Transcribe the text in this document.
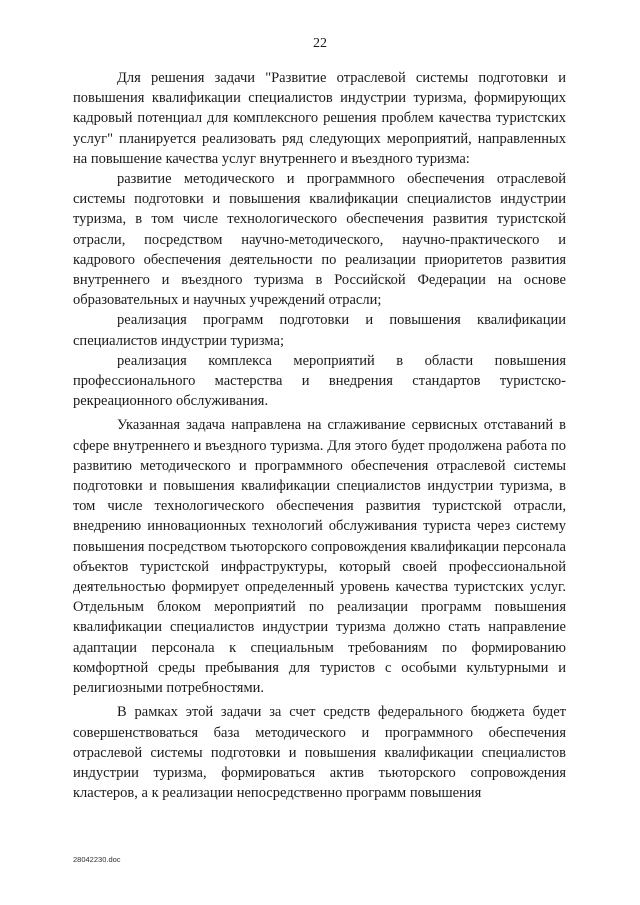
22

Для решения задачи "Развитие отраслевой системы подготовки и повышения квалификации специалистов индустрии туризма, формирующих кадровый потенциал для комплексного решения проблем качества туристских услуг" планируется реализовать ряд следующих мероприятий, направленных на повышение качества услуг внутреннего и въездного туризма:

развитие методического и программного обеспечения отраслевой системы подготовки и повышения квалификации специалистов индустрии туризма, в том числе технологического обеспечения развития туристской отрасли, посредством научно-методического, научно-практического и кадрового обеспечения деятельности по реализации приоритетов развития внутреннего и въездного туризма в Российской Федерации на основе образовательных и научных учреждений отрасли;

реализация программ подготовки и повышения квалификации специалистов индустрии туризма;

реализация комплекса мероприятий в области повышения профессионального мастерства и внедрения стандартов туристско-рекреационного обслуживания.

Указанная задача направлена на сглаживание сервисных отставаний в сфере внутреннего и въездного туризма. Для этого будет продолжена работа по развитию методического и программного обеспечения отраслевой системы подготовки и повышения квалификации специалистов индустрии туризма, в том числе технологического обеспечения развития туристской отрасли, внедрению инновационных технологий обслуживания туриста через систему повышения посредством тьюторского сопровождения квалификации персонала объектов туристской инфраструктуры, который своей профессиональной деятельностью формирует определенный уровень качества туристских услуг. Отдельным блоком мероприятий по реализации программ повышения квалификации специалистов индустрии туризма должно стать направление адаптации персонала к специальным требованиям по формированию комфортной среды пребывания для туристов с особыми культурными и религиозными потребностями.

В рамках этой задачи за счет средств федерального бюджета будет совершенствоваться база методического и программного обеспечения отраслевой системы подготовки и повышения квалификации специалистов индустрии туризма, формироваться актив тьюторского сопровождения кластеров, а к реализации непосредственно программ повышения

28042230.doc
